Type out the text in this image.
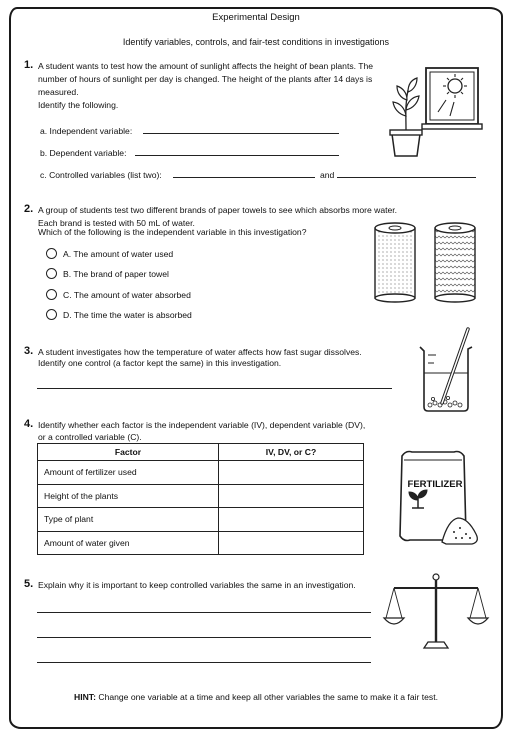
Experimental Design
Identify variables, controls, and fair-test conditions in investigations
1. A student wants to test how the amount of sunlight affects the height of bean plants. The number of hours of sunlight per day is changed. The height of the plants after 14 days is measured.
Identify the following.
a. Independent variable:
b. Dependent variable:
c. Controlled variables (list two):	and
2. A group of students test two different brands of paper towels to see which absorbs more water. Each brand is tested with 50 mL of water.
Which of the following is the independent variable in this investigation?
A. The amount of water used
B. The brand of paper towel
C. The amount of water absorbed
D. The time the water is absorbed
3. A student investigates how the temperature of water affects how fast sugar dissolves.
Identify one control (a factor kept the same) in this investigation.
4. Identify whether each factor is the independent variable (IV), dependent variable (DV),
or a controlled variable (C).
Factor	IV, DV, or C?
Amount of fertilizer used	
Height of the plants	
Type of plant	
Amount of water given	
FERTILIZER
5. Explain why it is important to keep controlled variables the same in an investigation.
HINT: Change one variable at a time and keep all other variables the same to make it a fair test.
